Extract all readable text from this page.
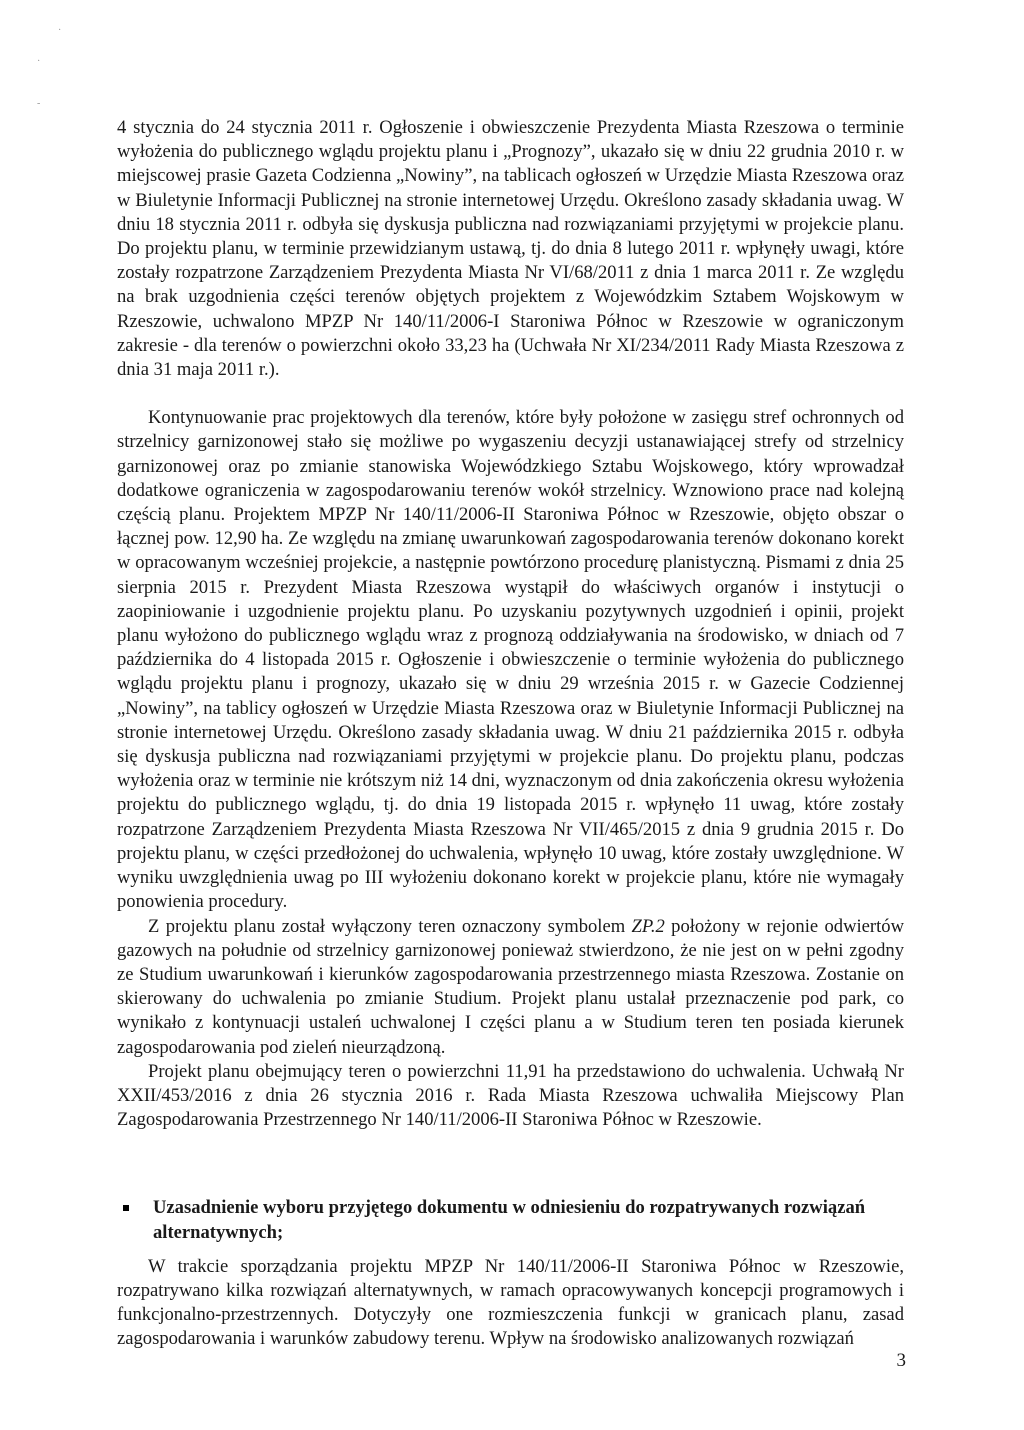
·
·
-

4 stycznia do 24 stycznia 2011 r. Ogłoszenie i obwieszczenie Prezydenta Miasta Rzeszowa o terminie wyłożenia do publicznego wglądu projektu planu i „Prognozy”, ukazało się w dniu 22 grudnia 2010 r. w miejscowej prasie Gazeta Codzienna „Nowiny”, na tablicach ogłoszeń w Urzędzie Miasta Rzeszowa oraz w Biuletynie Informacji Publicznej na stronie internetowej Urzędu. Określono zasady składania uwag. W dniu 18 stycznia 2011 r. odbyła się dyskusja publiczna nad rozwiązaniami przyjętymi w projekcie planu. Do projektu planu, w terminie przewidzianym ustawą, tj. do dnia 8 lutego 2011 r. wpłynęły uwagi, które zostały rozpatrzone Zarządzeniem Prezydenta Miasta Nr VI/68/2011 z dnia 1 marca 2011 r. Ze względu na brak uzgodnienia części terenów objętych projektem z Wojewódzkim Sztabem Wojskowym w Rzeszowie, uchwalono MPZP Nr 140/11/2006-I Staroniwa Północ w Rzeszowie w ograniczonym zakresie - dla terenów o powierzchni około 33,23 ha (Uchwała Nr XI/234/2011 Rady Miasta Rzeszowa z dnia 31 maja 2011 r.).

Kontynuowanie prac projektowych dla terenów, które były położone w zasięgu stref ochronnych od strzelnicy garnizonowej stało się możliwe po wygaszeniu decyzji ustanawiającej strefy od strzelnicy garnizonowej oraz po zmianie stanowiska Wojewódzkiego Sztabu Wojskowego, który wprowadzał dodatkowe ograniczenia w zagospodarowaniu terenów wokół strzelnicy. Wznowiono prace nad kolejną częścią planu. Projektem MPZP Nr 140/11/2006-II Staroniwa Północ w Rzeszowie, objęto obszar o łącznej pow. 12,90 ha. Ze względu na zmianę uwarunkowań zagospodarowania terenów dokonano korekt w opracowanym wcześniej projekcie, a następnie powtórzono procedurę planistyczną. Pismami z dnia 25 sierpnia 2015 r. Prezydent Miasta Rzeszowa wystąpił do właściwych organów i instytucji o zaopiniowanie i uzgodnienie projektu planu. Po uzyskaniu pozytywnych uzgodnień i opinii, projekt planu wyłożono do publicznego wglądu wraz z prognozą oddziaływania na środowisko, w dniach od 7 października do 4 listopada 2015 r. Ogłoszenie i obwieszczenie o terminie wyłożenia do publicznego wglądu projektu planu i prognozy, ukazało się w dniu 29 września 2015 r. w Gazecie Codziennej „Nowiny”, na tablicy ogłoszeń w Urzędzie Miasta Rzeszowa oraz w Biuletynie Informacji Publicznej na stronie internetowej Urzędu. Określono zasady składania uwag. W dniu 21 października 2015 r. odbyła się dyskusja publiczna nad rozwiązaniami przyjętymi w projekcie planu. Do projektu planu, podczas wyłożenia oraz w terminie nie krótszym niż 14 dni, wyznaczonym od dnia zakończenia okresu wyłożenia projektu do publicznego wglądu, tj. do dnia 19 listopada 2015 r. wpłynęło 11 uwag, które zostały rozpatrzone Zarządzeniem Prezydenta Miasta Rzeszowa Nr VII/465/2015 z dnia 9 grudnia 2015 r. Do projektu planu, w części przedłożonej do uchwalenia, wpłynęło 10 uwag, które zostały uwzględnione. W wyniku uwzględnienia uwag po III wyłożeniu dokonano korekt w projekcie planu, które nie wymagały ponowienia procedury.

Z projektu planu został wyłączony teren oznaczony symbolem ZP.2 położony w rejonie odwiertów gazowych na południe od strzelnicy garnizonowej ponieważ stwierdzono, że nie jest on w pełni zgodny ze Studium uwarunkowań i kierunków zagospodarowania przestrzennego miasta Rzeszowa. Zostanie on skierowany do uchwalenia po zmianie Studium. Projekt planu ustalał przeznaczenie pod park, co wynikało z kontynuacji ustaleń uchwalonej I części planu a w Studium teren ten posiada kierunek zagospodarowania pod zieleń nieurządzoną.

Projekt planu obejmujący teren o powierzchni 11,91 ha przedstawiono do uchwalenia. Uchwałą Nr XXII/453/2016 z dnia 26 stycznia 2016 r. Rada Miasta Rzeszowa uchwaliła Miejscowy Plan Zagospodarowania Przestrzennego Nr 140/11/2006-II Staroniwa Północ w Rzeszowie.

Uzasadnienie wyboru przyjętego dokumentu w odniesieniu do rozpatrywanych rozwiązań alternatywnych;

W trakcie sporządzania projektu MPZP Nr 140/11/2006-II Staroniwa Północ w Rzeszowie, rozpatrywano kilka rozwiązań alternatywnych, w ramach opracowywanych koncepcji programowych i funkcjonalno-przestrzennych. Dotyczyły one rozmieszczenia funkcji w granicach planu, zasad zagospodarowania i warunków zabudowy terenu. Wpływ na środowisko analizowanych rozwiązań

3
